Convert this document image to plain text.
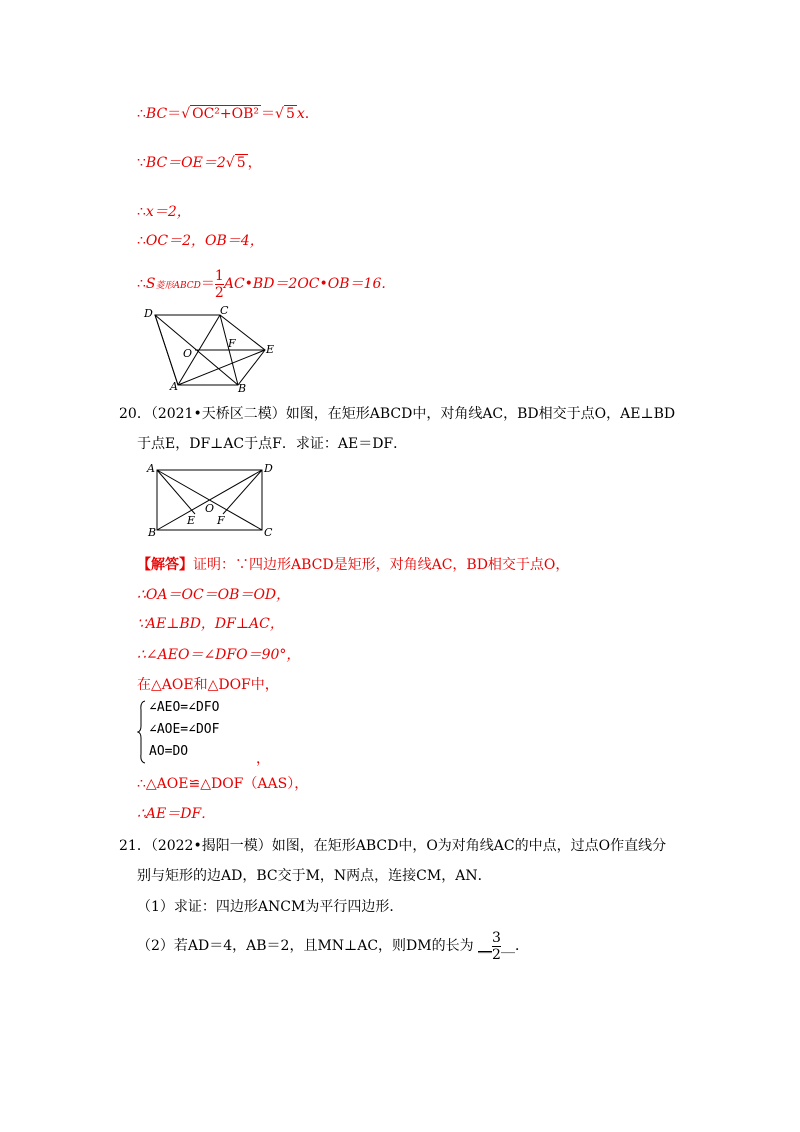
∴BC＝√ OC²+OB² ＝√ 5 x.
∵BC＝OE＝2√ 5 ，
∴x＝2，
∴OC＝2，OB＝4，
∴S菱形ABCD＝ $\frac{1}{2}$ AC•BD＝2OC•OB＝16.
D	C
O
F	E
A	B
20．（2021•天桥区二模）如图，在矩形ABCD中，对角线AC，BD相交于点O，AE⊥BD
于点E，DF⊥AC于点F．求证：AE＝DF．
A	D
O
E F
B	C
【解答】证明：∵四边形ABCD是矩形，对角线AC，BD相交于点O，
∴OA＝OC＝OB＝OD，
∵AE⊥BD，DF⊥AC，
∴∠AEO＝∠DFO＝90°，
在△AOE和△DOF中，
∠AEO=∠DFO
∠AOE=∠DOF
AO=DO	，
∴△AOE≌△DOF（AAS），
∴AE＝DF．
21．（2022•揭阳一模）如图，在矩形ABCD中，O为对角线AC的中点，过点O作直线分
别与矩形的边AD，BC交于M，N两点，连接CM，AN．
（1）求证：四边形ANCM为平行四边形．
（2）若AD＝4，AB＝2，且MN⊥AC，则DM的长为 __ $\frac{3}{2}$ __．
